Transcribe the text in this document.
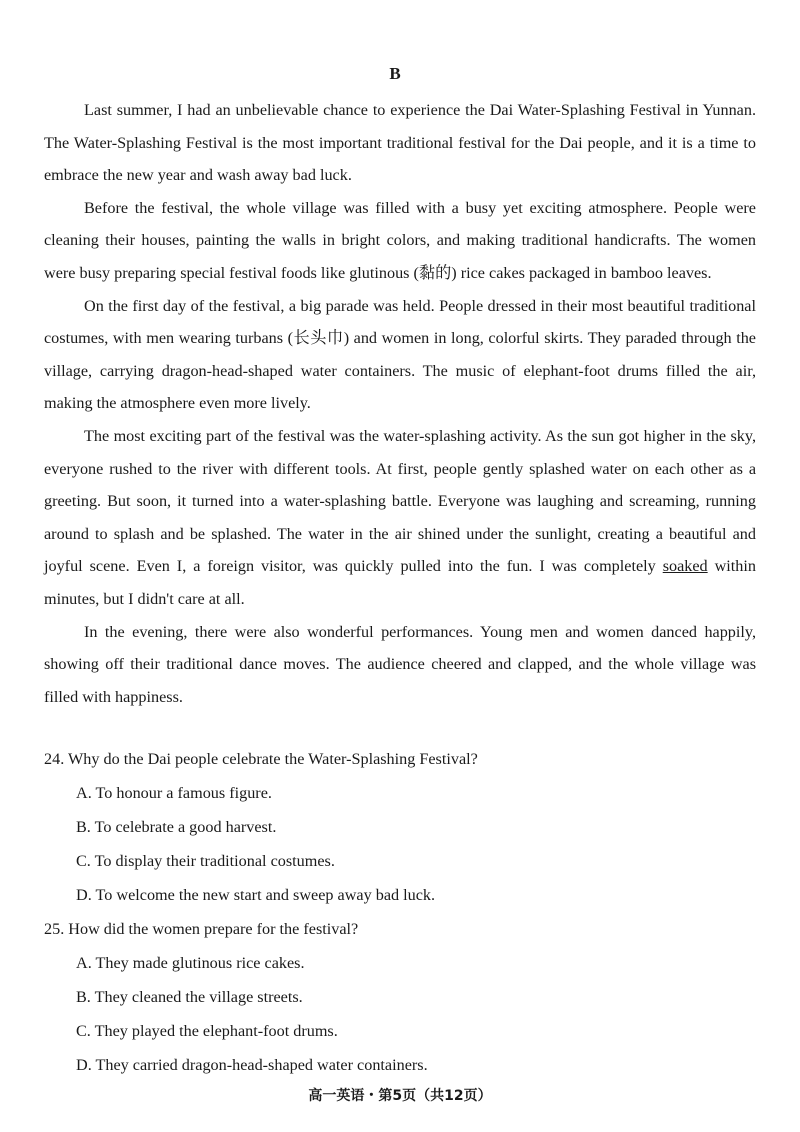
B

Last summer, I had an unbelievable chance to experience the Dai Water-Splashing Festival in Yunnan. The Water-Splashing Festival is the most important traditional festival for the Dai people, and it is a time to embrace the new year and wash away bad luck.

Before the festival, the whole village was filled with a busy yet exciting atmosphere. People were cleaning their houses, painting the walls in bright colors, and making traditional handicrafts. The women were busy preparing special festival foods like glutinous (黏的) rice cakes packaged in bamboo leaves.

On the first day of the festival, a big parade was held. People dressed in their most beautiful traditional costumes, with men wearing turbans (长头巾) and women in long, colorful skirts. They paraded through the village, carrying dragon-head-shaped water containers. The music of elephant-foot drums filled the air, making the atmosphere even more lively.

The most exciting part of the festival was the water-splashing activity. As the sun got higher in the sky, everyone rushed to the river with different tools. At first, people gently splashed water on each other as a greeting. But soon, it turned into a water-splashing battle. Everyone was laughing and screaming, running around to splash and be splashed. The water in the air shined under the sunlight, creating a beautiful and joyful scene. Even I, a foreign visitor, was quickly pulled into the fun. I was completely soaked within minutes, but I didn't care at all.

In the evening, there were also wonderful performances. Young men and women danced happily, showing off their traditional dance moves. The audience cheered and clapped, and the whole village was filled with happiness.

24. Why do the Dai people celebrate the Water-Splashing Festival?

A. To honour a famous figure.

B. To celebrate a good harvest.

C. To display their traditional costumes.

D. To welcome the new start and sweep away bad luck.

25. How did the women prepare for the festival?

A. They made glutinous rice cakes.

B. They cleaned the village streets.

C. They played the elephant-foot drums.

D. They carried dragon-head-shaped water containers.

高一英语・第5页（共12页）
